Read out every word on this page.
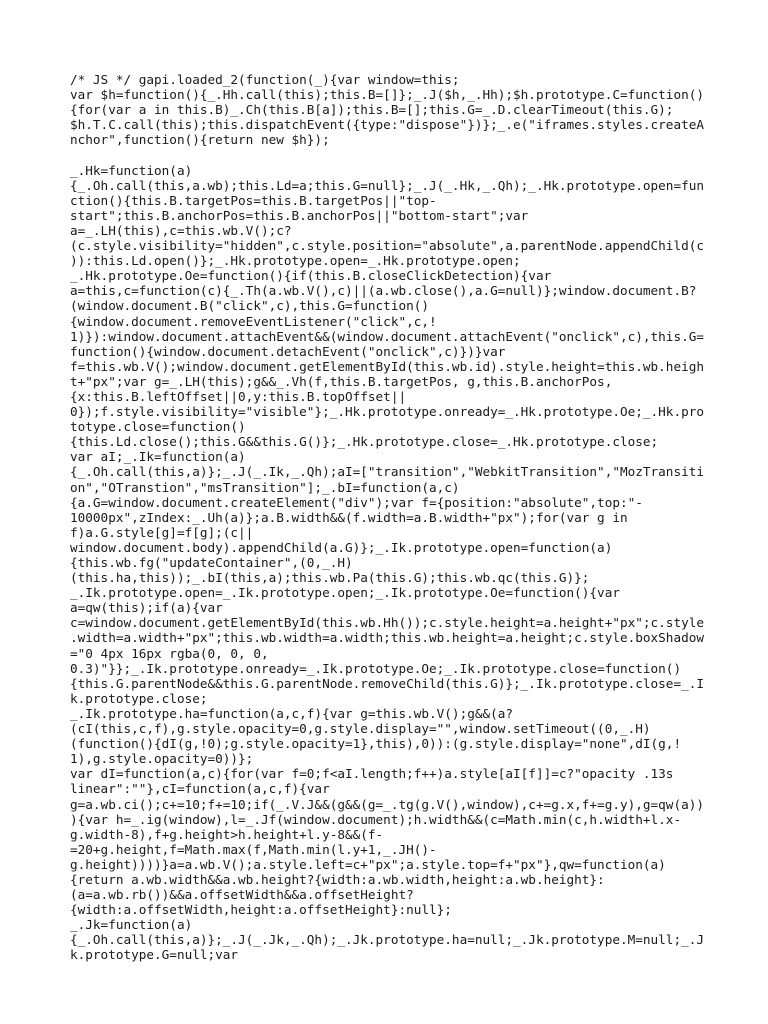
/* JS */ gapi.loaded_2(function(_){var window=this;
var $h=function(){_.Hh.call(this);this.B=[]};_.J($h,_.Hh);$h.prototype.C=function()
{for(var a in this.B)_.Ch(this.B[a]);this.B=[];this.G=_.D.clearTimeout(this.G);
$h.T.C.call(this);this.dispatchEvent({type:"dispose"})};_.e("iframes.styles.createA
nchor",function(){return new $h});
_.Hk=function(a)
{_.Oh.call(this,a.wb);this.Ld=a;this.G=null};_.J(_.Hk,_.Qh);_.Hk.prototype.open=fun
ction(){this.B.targetPos=this.B.targetPos||"top-
start";this.B.anchorPos=this.B.anchorPos||"bottom-start";var
a=_.LH(this),c=this.wb.V();c?
(c.style.visibility="hidden",c.style.position="absolute",a.parentNode.appendChild(c
)):this.Ld.open()};_.Hk.prototype.open=_.Hk.prototype.open;
_.Hk.prototype.Oe=function(){if(this.B.closeClickDetection){var
a=this,c=function(c){_.Th(a.wb.V(),c)||(a.wb.close(),a.G=null)};window.document.B?
(window.document.B("click",c),this.G=function()
{window.document.removeEventListener("click",c,!
1)}):window.document.attachEvent&&(window.document.attachEvent("onclick",c),this.G=
function(){window.document.detachEvent("onclick",c)})}var
f=this.wb.V();window.document.getElementById(this.wb.id).style.height=this.wb.heigh
t+"px";var g=_.LH(this);g&&_.Vh(f,this.B.targetPos, g,this.B.anchorPos,
{x:this.B.leftOffset||0,y:this.B.topOffset||
0});f.style.visibility="visible"};_.Hk.prototype.onready=_.Hk.prototype.Oe;_.Hk.pro
totype.close=function()
{this.Ld.close();this.G&&this.G()};_.Hk.prototype.close=_.Hk.prototype.close;
var aI;_.Ik=function(a)
{_.Oh.call(this,a)};_.J(_.Ik,_.Qh);aI=["transition","WebkitTransition","MozTransiti
on","OTranstion","msTransition"];_.bI=function(a,c)
{a.G=window.document.createElement("div");var f={position:"absolute",top:"-
10000px",zIndex:_.Uh(a)};a.B.width&&(f.width=a.B.width+"px");for(var g in
f)a.G.style[g]=f[g];(c||
window.document.body).appendChild(a.G)};_.Ik.prototype.open=function(a)
{this.wb.fg("updateContainer",(0,_.H)
(this.ha,this));_.bI(this,a);this.wb.Pa(this.G);this.wb.qc(this.G)};
_.Ik.prototype.open=_.Ik.prototype.open;_.Ik.prototype.Oe=function(){var
a=qw(this);if(a){var
c=window.document.getElementById(this.wb.Hh());c.style.height=a.height+"px";c.style
.width=a.width+"px";this.wb.width=a.width;this.wb.height=a.height;c.style.boxShadow
="0 4px 16px rgba(0, 0, 0,
0.3)"}};_.Ik.prototype.onready=_.Ik.prototype.Oe;_.Ik.prototype.close=function()
{this.G.parentNode&&this.G.parentNode.removeChild(this.G)};_.Ik.prototype.close=_.I
k.prototype.close;
_.Ik.prototype.ha=function(a,c,f){var g=this.wb.V();g&&(a?
(cI(this,c,f),g.style.opacity=0,g.style.display="",window.setTimeout((0,_.H)
(function(){dI(g,!0);g.style.opacity=1},this),0)):(g.style.display="none",dI(g,!
1),g.style.opacity=0))};
var dI=function(a,c){for(var f=0;f<aI.length;f++)a.style[aI[f]]=c?"opacity .13s
linear":""},cI=function(a,c,f){var
g=a.wb.ci();c+=10;f+=10;if(_.V.J&&(g&&(g=_.tg(g.V(),window),c+=g.x,f+=g.y),g=qw(a))
){var h=_.ig(window),l=_.Jf(window.document);h.width&&(c=Math.min(c,h.width+l.x-
g.width-8),f+g.height>h.height+l.y-8&&(f-
=20+g.height,f=Math.max(f,Math.min(l.y+1,_.JH()-
g.height))))}a=a.wb.V();a.style.left=c+"px";a.style.top=f+"px"},qw=function(a)
{return a.wb.width&&a.wb.height?{width:a.wb.width,height:a.wb.height}:
(a=a.wb.rb())&&a.offsetWidth&&a.offsetHeight?
{width:a.offsetWidth,height:a.offsetHeight}:null};
_.Jk=function(a)
{_.Oh.call(this,a)};_.J(_.Jk,_.Qh);_.Jk.prototype.ha=null;_.Jk.prototype.M=null;_.J
k.prototype.G=null;var
